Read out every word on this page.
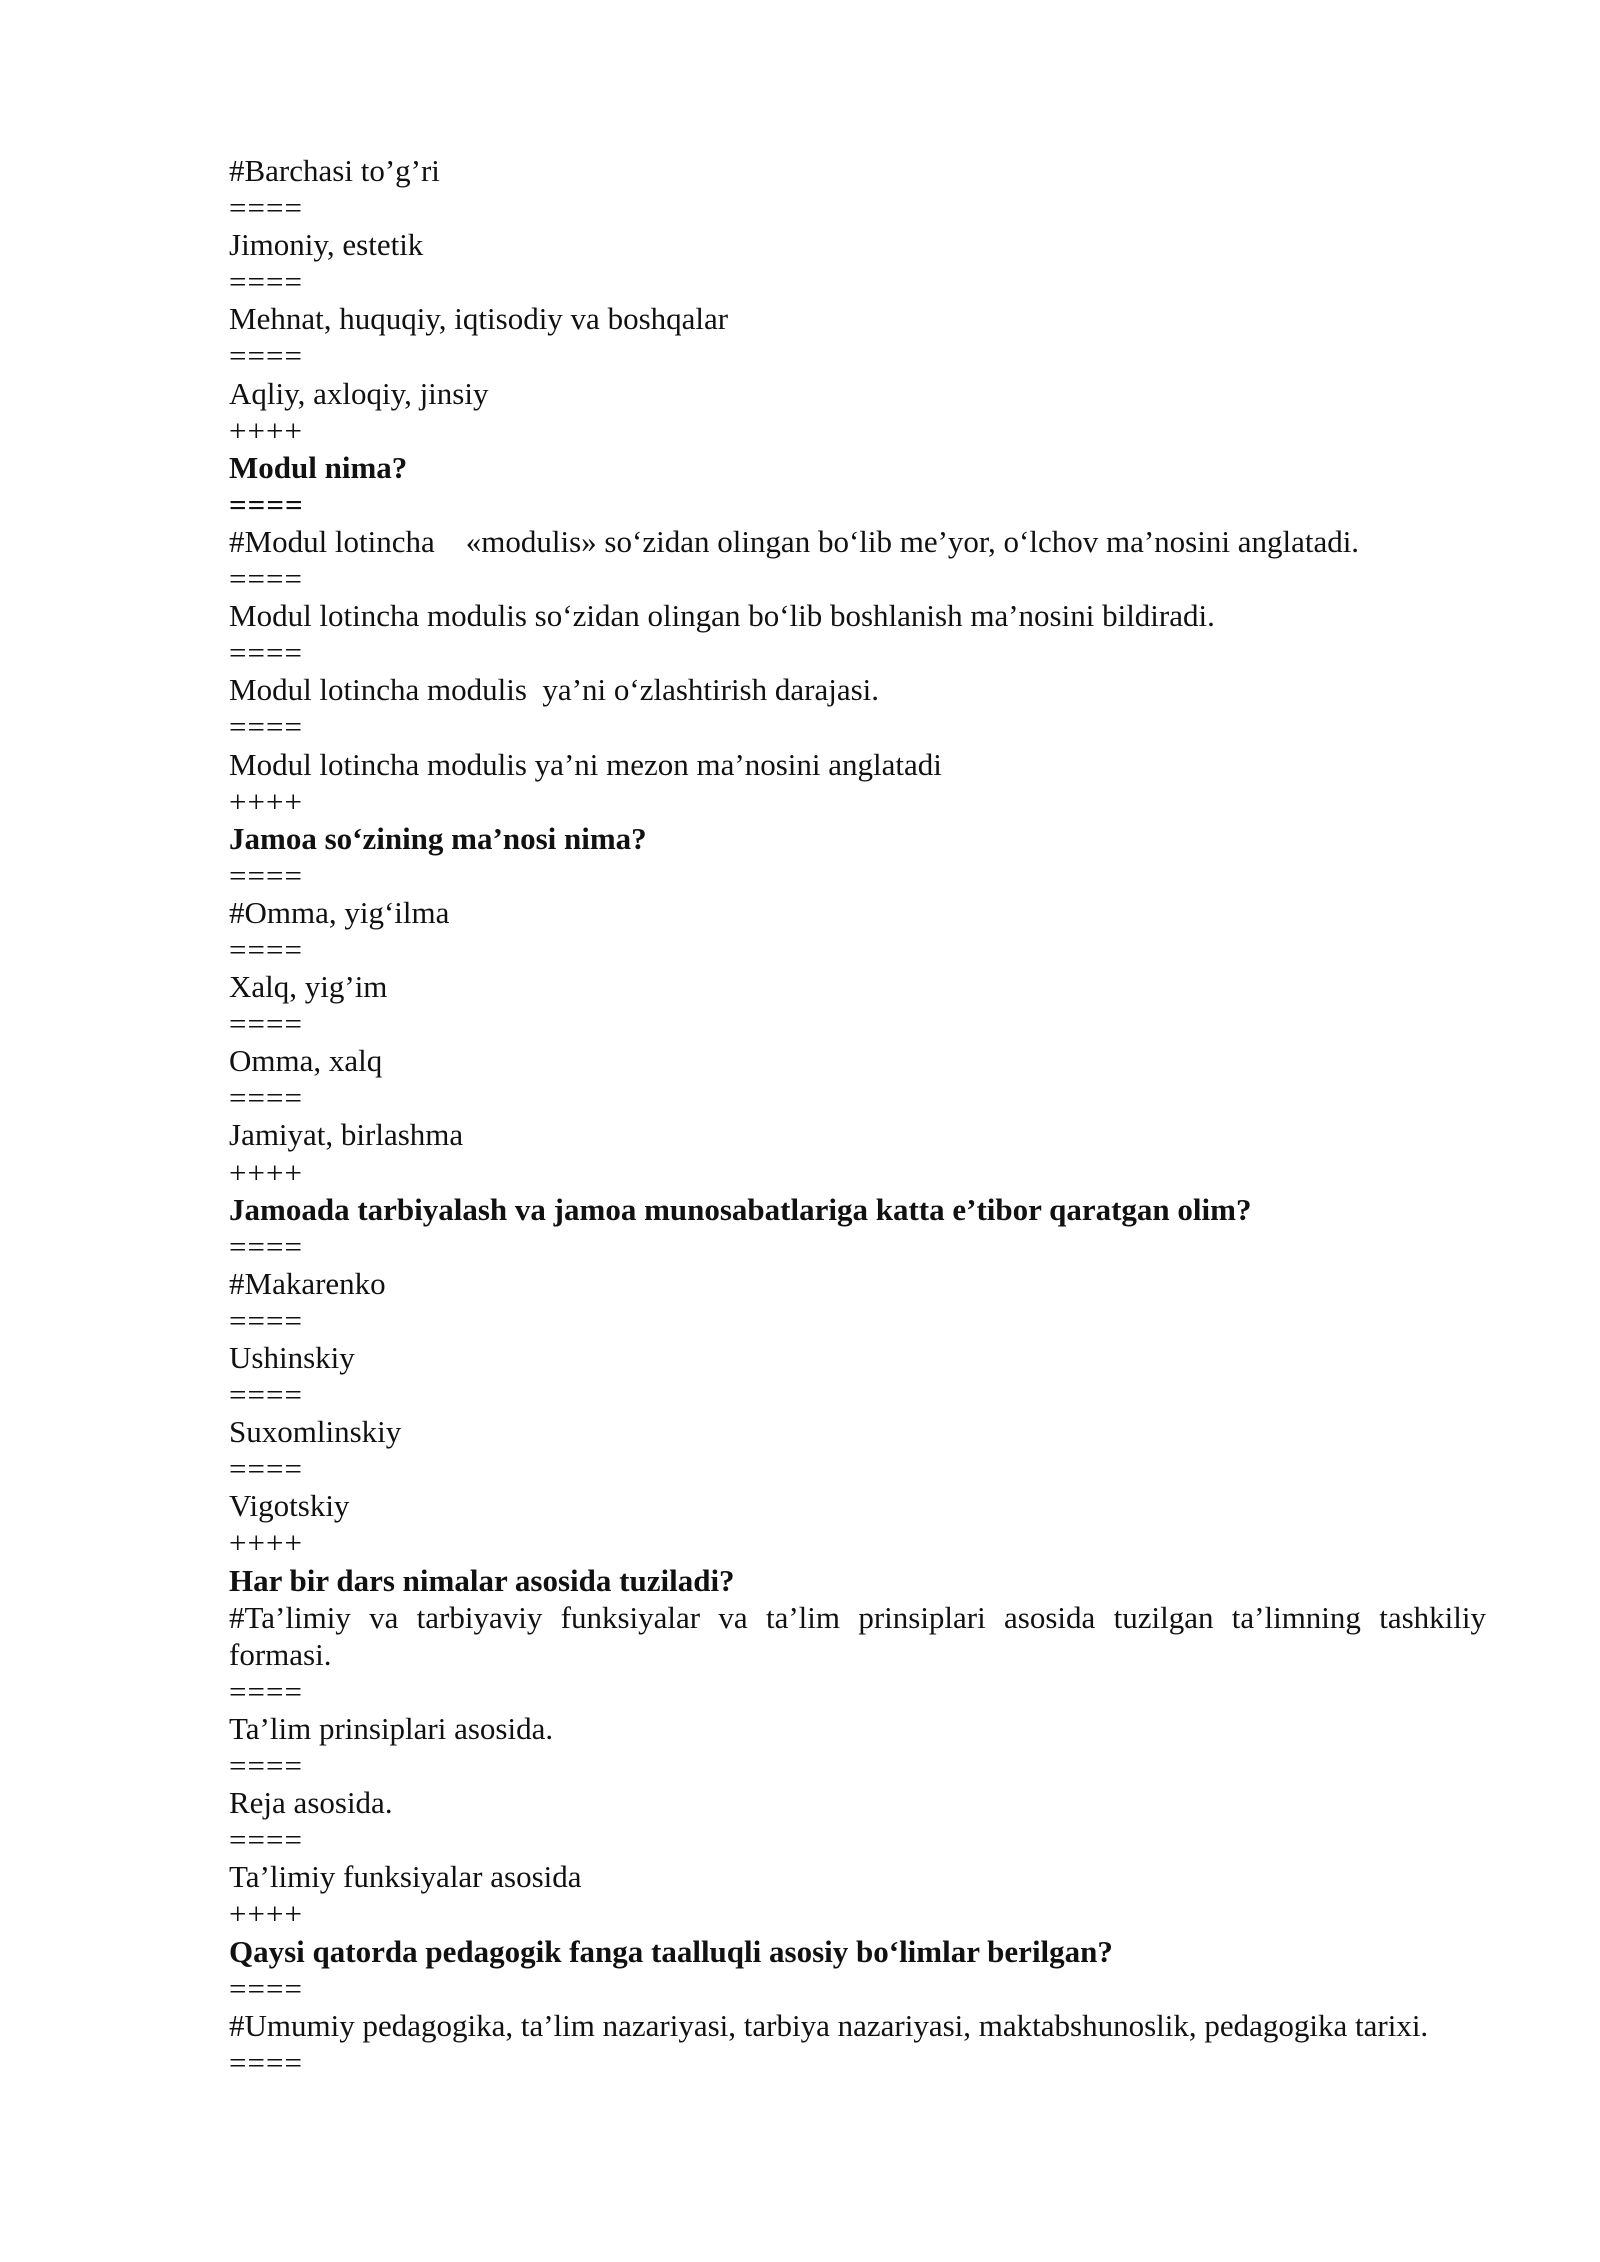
#Barchasi to’g’ri

====

Jimoniy, estetik

====

Mehnat, huquqiy, iqtisodiy va boshqalar

====

Aqliy, axloqiy, jinsiy

++++

Modul nima?

====

#Modul lotincha    «modulis» so‘zidan olingan bo‘lib me’yor, o‘lchov ma’nosini anglatadi.

====

Modul lotincha modulis so‘zidan olingan bo‘lib boshlanish ma’nosini bildiradi.

====

Modul lotincha modulis  ya’ni o‘zlashtirish darajasi.

====

Modul lotincha modulis ya’ni mezon ma’nosini anglatadi

++++

Jamoa so‘zining ma’nosi nima?

====

#Omma, yig‘ilma

====

Xalq, yig’im

====

Omma, xalq

====

Jamiyat, birlashma

++++

Jamoada tarbiyalash va jamoa munosabatlariga katta e’tibor qaratgan olim?

====

#Makarenko

====

Ushinskiy

====

Suxomlinskiy

====

Vigotskiy

++++

Har bir dars nimalar asosida tuziladi?

#Ta’limiy va tarbiyaviy funksiyalar va ta’lim prinsiplari asosida tuzilgan ta’limning tashkiliy formasi.

====

Ta’lim prinsiplari asosida.

====

Reja asosida.

====

Ta’limiy funksiyalar asosida

++++

Qaysi qatorda pedagogik fanga taalluqli asosiy bo‘limlar berilgan?

====

#Umumiy pedagogika, ta’lim nazariyasi, tarbiya nazariyasi, maktabshunoslik, pedagogika tarixi.

====
